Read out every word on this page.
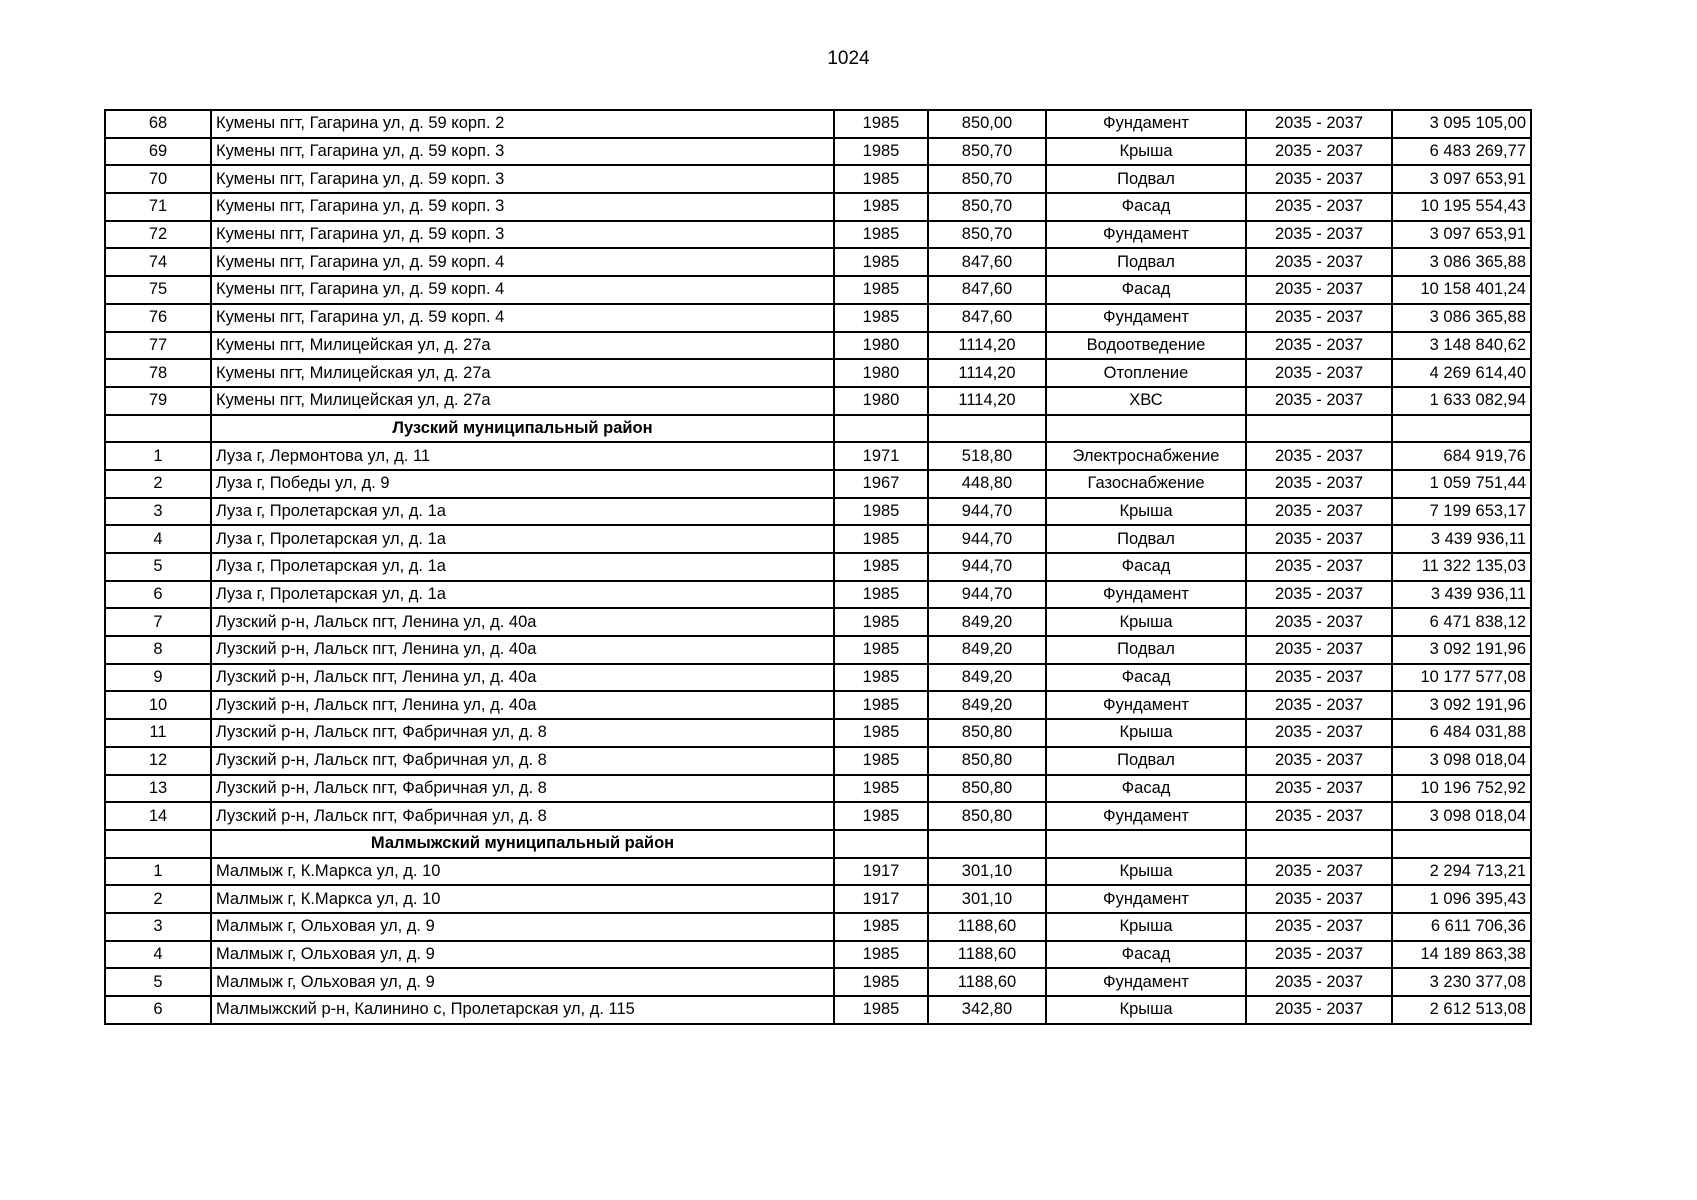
1024
68	Кумены пгт, Гагарина ул, д. 59 корп. 2	1985	850,00	Фундамент	2035 - 2037	3 095 105,00
69	Кумены пгт, Гагарина ул, д. 59 корп. 3	1985	850,70	Крыша	2035 - 2037	6 483 269,77
70	Кумены пгт, Гагарина ул, д. 59 корп. 3	1985	850,70	Подвал	2035 - 2037	3 097 653,91
71	Кумены пгт, Гагарина ул, д. 59 корп. 3	1985	850,70	Фасад	2035 - 2037	10 195 554,43
72	Кумены пгт, Гагарина ул, д. 59 корп. 3	1985	850,70	Фундамент	2035 - 2037	3 097 653,91
74	Кумены пгт, Гагарина ул, д. 59 корп. 4	1985	847,60	Подвал	2035 - 2037	3 086 365,88
75	Кумены пгт, Гагарина ул, д. 59 корп. 4	1985	847,60	Фасад	2035 - 2037	10 158 401,24
76	Кумены пгт, Гагарина ул, д. 59 корп. 4	1985	847,60	Фундамент	2035 - 2037	3 086 365,88
77	Кумены пгт, Милицейская ул, д. 27а	1980	1114,20	Водоотведение	2035 - 2037	3 148 840,62
78	Кумены пгт, Милицейская ул, д. 27а	1980	1114,20	Отопление	2035 - 2037	4 269 614,40
79	Кумены пгт, Милицейская ул, д. 27а	1980	1114,20	ХВС	2035 - 2037	1 633 082,94
	Лузский муниципальный район					
1	Луза г, Лермонтова ул, д. 11	1971	518,80	Электроснабжение	2035 - 2037	684 919,76
2	Луза г, Победы ул, д. 9	1967	448,80	Газоснабжение	2035 - 2037	1 059 751,44
3	Луза г, Пролетарская ул, д. 1а	1985	944,70	Крыша	2035 - 2037	7 199 653,17
4	Луза г, Пролетарская ул, д. 1а	1985	944,70	Подвал	2035 - 2037	3 439 936,11
5	Луза г, Пролетарская ул, д. 1а	1985	944,70	Фасад	2035 - 2037	11 322 135,03
6	Луза г, Пролетарская ул, д. 1а	1985	944,70	Фундамент	2035 - 2037	3 439 936,11
7	Лузский р-н, Лальск пгт, Ленина ул, д. 40а	1985	849,20	Крыша	2035 - 2037	6 471 838,12
8	Лузский р-н, Лальск пгт, Ленина ул, д. 40а	1985	849,20	Подвал	2035 - 2037	3 092 191,96
9	Лузский р-н, Лальск пгт, Ленина ул, д. 40а	1985	849,20	Фасад	2035 - 2037	10 177 577,08
10	Лузский р-н, Лальск пгт, Ленина ул, д. 40а	1985	849,20	Фундамент	2035 - 2037	3 092 191,96
11	Лузский р-н, Лальск пгт, Фабричная ул, д. 8	1985	850,80	Крыша	2035 - 2037	6 484 031,88
12	Лузский р-н, Лальск пгт, Фабричная ул, д. 8	1985	850,80	Подвал	2035 - 2037	3 098 018,04
13	Лузский р-н, Лальск пгт, Фабричная ул, д. 8	1985	850,80	Фасад	2035 - 2037	10 196 752,92
14	Лузский р-н, Лальск пгт, Фабричная ул, д. 8	1985	850,80	Фундамент	2035 - 2037	3 098 018,04
	Малмыжский муниципальный район					
1	Малмыж г, К.Маркса ул, д. 10	1917	301,10	Крыша	2035 - 2037	2 294 713,21
2	Малмыж г, К.Маркса ул, д. 10	1917	301,10	Фундамент	2035 - 2037	1 096 395,43
3	Малмыж г, Ольховая ул, д. 9	1985	1188,60	Крыша	2035 - 2037	6 611 706,36
4	Малмыж г, Ольховая ул, д. 9	1985	1188,60	Фасад	2035 - 2037	14 189 863,38
5	Малмыж г, Ольховая ул, д. 9	1985	1188,60	Фундамент	2035 - 2037	3 230 377,08
6	Малмыжский р-н, Калинино с, Пролетарская ул, д. 115	1985	342,80	Крыша	2035 - 2037	2 612 513,08
